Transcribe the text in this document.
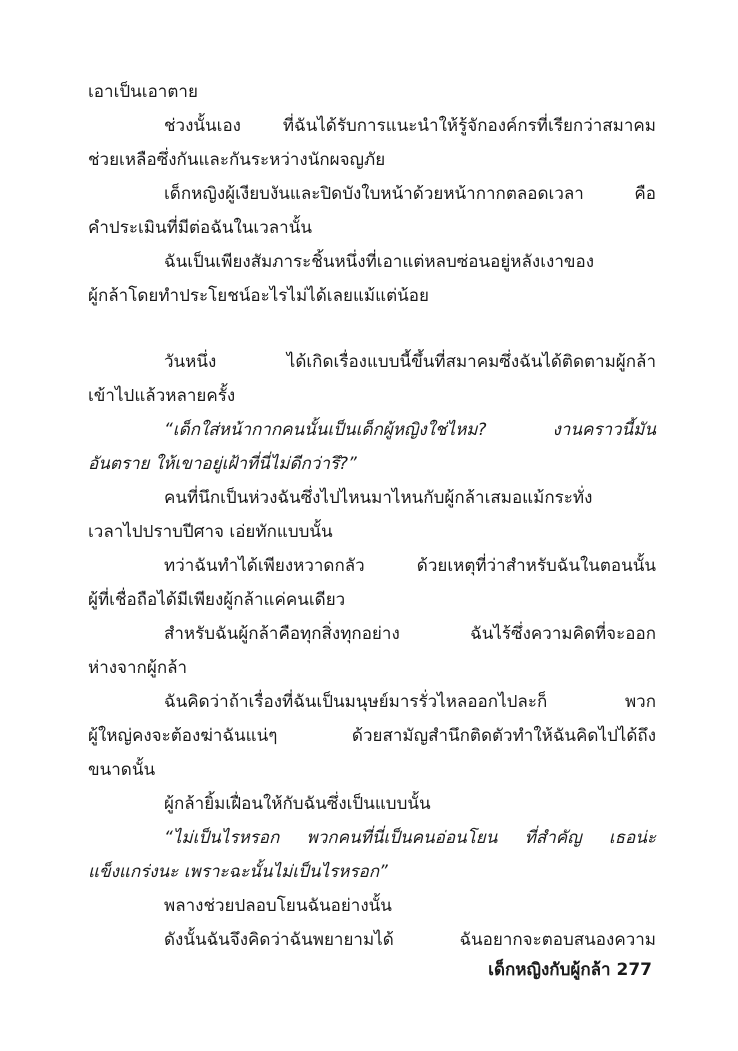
เอาเป็นเอาตาย
ช่วงนั้นเอง ที่ฉันได้รับการแนะนำให้รู้จักองค์กรที่เรียกว่าสมาคม
ช่วยเหลือซึ่งกันและกันระหว่างนักผจญภัย
เด็กหญิงผู้เงียบงันและปิดบังใบหน้าด้วยหน้ากากตลอดเวลา คือ
คำประเมินที่มีต่อฉันในเวลานั้น
ฉันเป็นเพียงสัมภาระชิ้นหนึ่งที่เอาแต่หลบซ่อนอยู่หลังเงาของ
ผู้กล้าโดยทำประโยชน์อะไรไม่ได้เลยแม้แต่น้อย
วันหนึ่ง ได้เกิดเรื่องแบบนี้ขึ้นที่สมาคมซึ่งฉันได้ติดตามผู้กล้า
เข้าไปแล้วหลายครั้ง
“เด็กใส่หน้ากากคนนั้นเป็นเด็กผู้หญิงใช่ไหม? งานคราวนี้มัน
อันตราย ให้เขาอยู่เฝ้าที่นี่ไม่ดีกว่ารึ?”
คนที่นึกเป็นห่วงฉันซึ่งไปไหนมาไหนกับผู้กล้าเสมอแม้กระทั่ง
เวลาไปปราบปีศาจ เอ่ยทักแบบนั้น
ทว่าฉันทำได้เพียงหวาดกลัว ด้วยเหตุที่ว่าสำหรับฉันในตอนนั้น
ผู้ที่เชื่อถือได้มีเพียงผู้กล้าแค่คนเดียว
สำหรับฉันผู้กล้าคือทุกสิ่งทุกอย่าง ฉันไร้ซึ่งความคิดที่จะออก
ห่างจากผู้กล้า
ฉันคิดว่าถ้าเรื่องที่ฉันเป็นมนุษย์มารรั่วไหลออกไปละก็ พวก
ผู้ใหญ่คงจะต้องฆ่าฉันแน่ๆ ด้วยสามัญสำนึกติดตัวทำให้ฉันคิดไปได้ถึง
ขนาดนั้น
ผู้กล้ายิ้มเฝื่อนให้กับฉันซึ่งเป็นแบบนั้น
“ไม่เป็นไรหรอก พวกคนที่นี่เป็นคนอ่อนโยน ที่สำคัญ เธอน่ะ
แข็งแกร่งนะ เพราะฉะนั้นไม่เป็นไรหรอก”
พลางช่วยปลอบโยนฉันอย่างนั้น
ดังนั้นฉันจึงคิดว่าฉันพยายามได้ ฉันอยากจะตอบสนองความ
เด็กหญิงกับผู้กล้า 277
